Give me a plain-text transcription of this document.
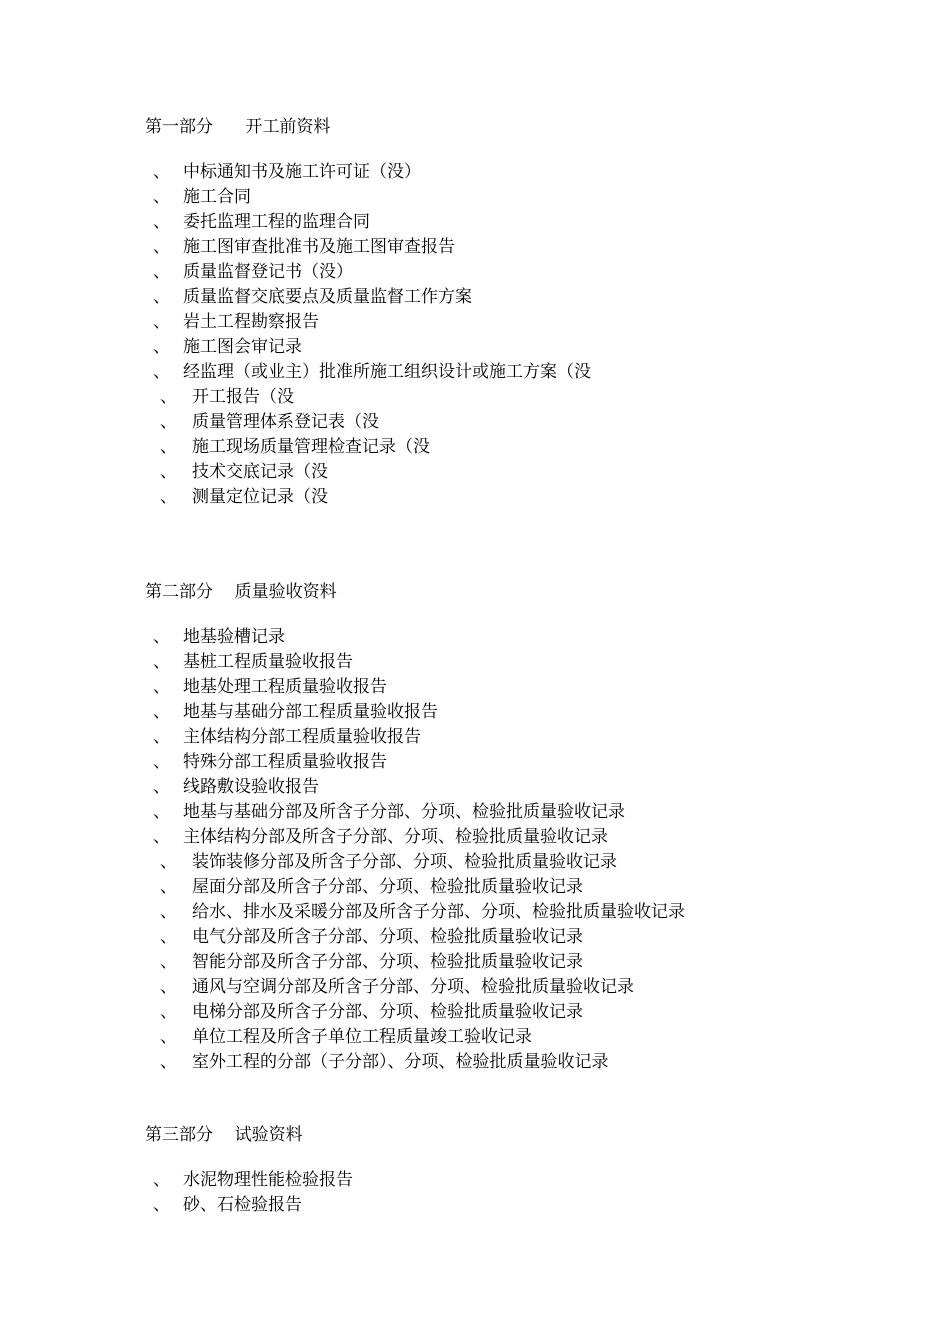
第一部分      开工前资料
、 中标通知书及施工许可证（没）
、 施工合同
、 委托监理工程的监理合同
、 施工图审查批准书及施工图审查报告
、 质量监督登记书（没）
、 质量监督交底要点及质量监督工作方案
、 岩土工程勘察报告
、 施工图会审记录
、 经监理（或业主）批准所施工组织设计或施工方案（没
、 开工报告（没
、 质量管理体系登记表（没
、 施工现场质量管理检查记录（没
、 技术交底记录（没
、 测量定位记录（没
第二部分    质量验收资料
、 地基验槽记录
、 基桩工程质量验收报告
、 地基处理工程质量验收报告
、 地基与基础分部工程质量验收报告
、 主体结构分部工程质量验收报告
、 特殊分部工程质量验收报告
、 线路敷设验收报告
、 地基与基础分部及所含子分部、分项、检验批质量验收记录
、 主体结构分部及所含子分部、分项、检验批质量验收记录
、 装饰装修分部及所含子分部、分项、检验批质量验收记录
、 屋面分部及所含子分部、分项、检验批质量验收记录
、 给水、排水及采暖分部及所含子分部、分项、检验批质量验收记录
、 电气分部及所含子分部、分项、检验批质量验收记录
、 智能分部及所含子分部、分项、检验批质量验收记录
、 通风与空调分部及所含子分部、分项、检验批质量验收记录
、 电梯分部及所含子分部、分项、检验批质量验收记录
、 单位工程及所含子单位工程质量竣工验收记录
、 室外工程的分部（子分部）、分项、检验批质量验收记录
第三部分    试验资料
、 水泥物理性能检验报告
、 砂、石检验报告
